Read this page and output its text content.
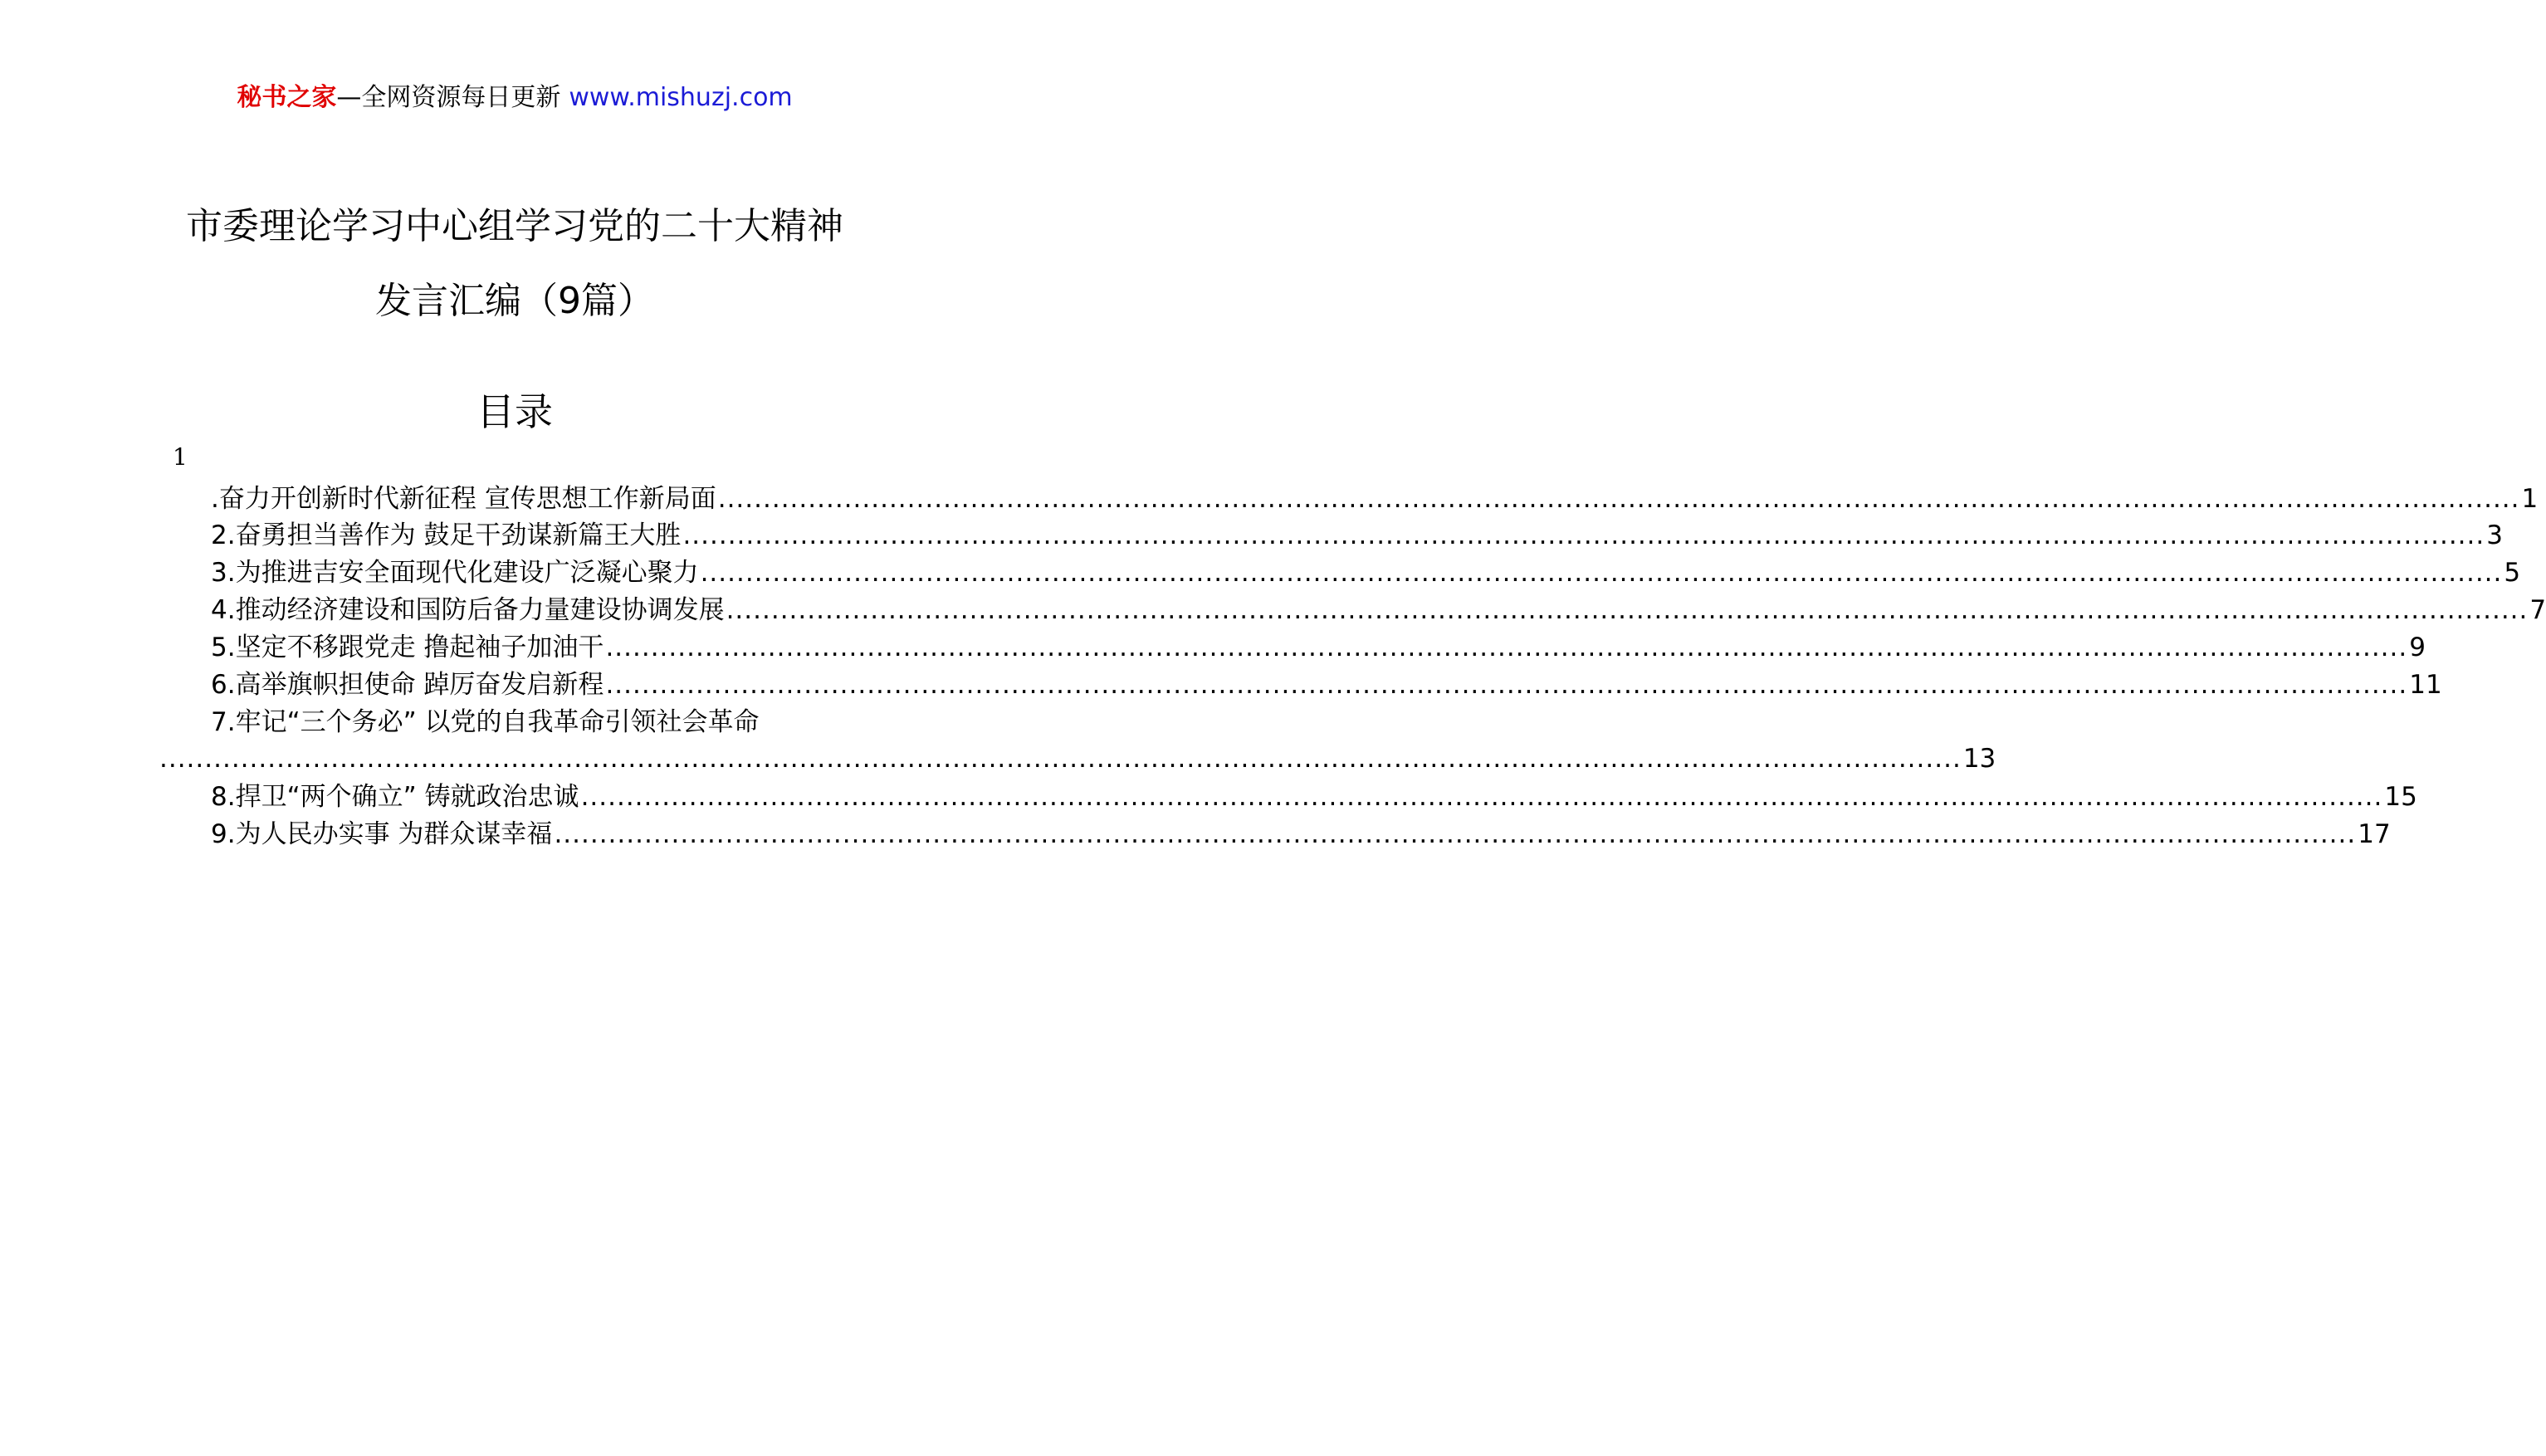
秘书之家—全网资源每日更新 www.mishuzj.com
市委理论学习中心组学习党的二十大精神
发言汇编（9篇）
目录
1
.奋力开创新时代新征程 宣传思想工作新局面 ........................................................................................................................................................................................................ 1
2.奋勇担当善作为 鼓足干劲谋新篇王大胜 ........................................................................................................................................................................................................ 3
3.为推进吉安全面现代化建设广泛凝心聚力 ........................................................................................................................................................................................................ 5
4.推动经济建设和国防后备力量建设协调发展 ........................................................................................................................................................................................................ 7
5.坚定不移跟党走 撸起袖子加油干 ........................................................................................................................................................................................................ 9
6.高举旗帜担使命 踔厉奋发启新程 ........................................................................................................................................................................................................ 11
7.牢记“三个务必” 以党的自我革命引领社会革命
........................................................................................................................................................................................................ 13
8.捍卫“两个确立” 铸就政治忠诚 ........................................................................................................................................................................................................ 15
9.为人民办实事 为群众谋幸福 ........................................................................................................................................................................................................ 17
